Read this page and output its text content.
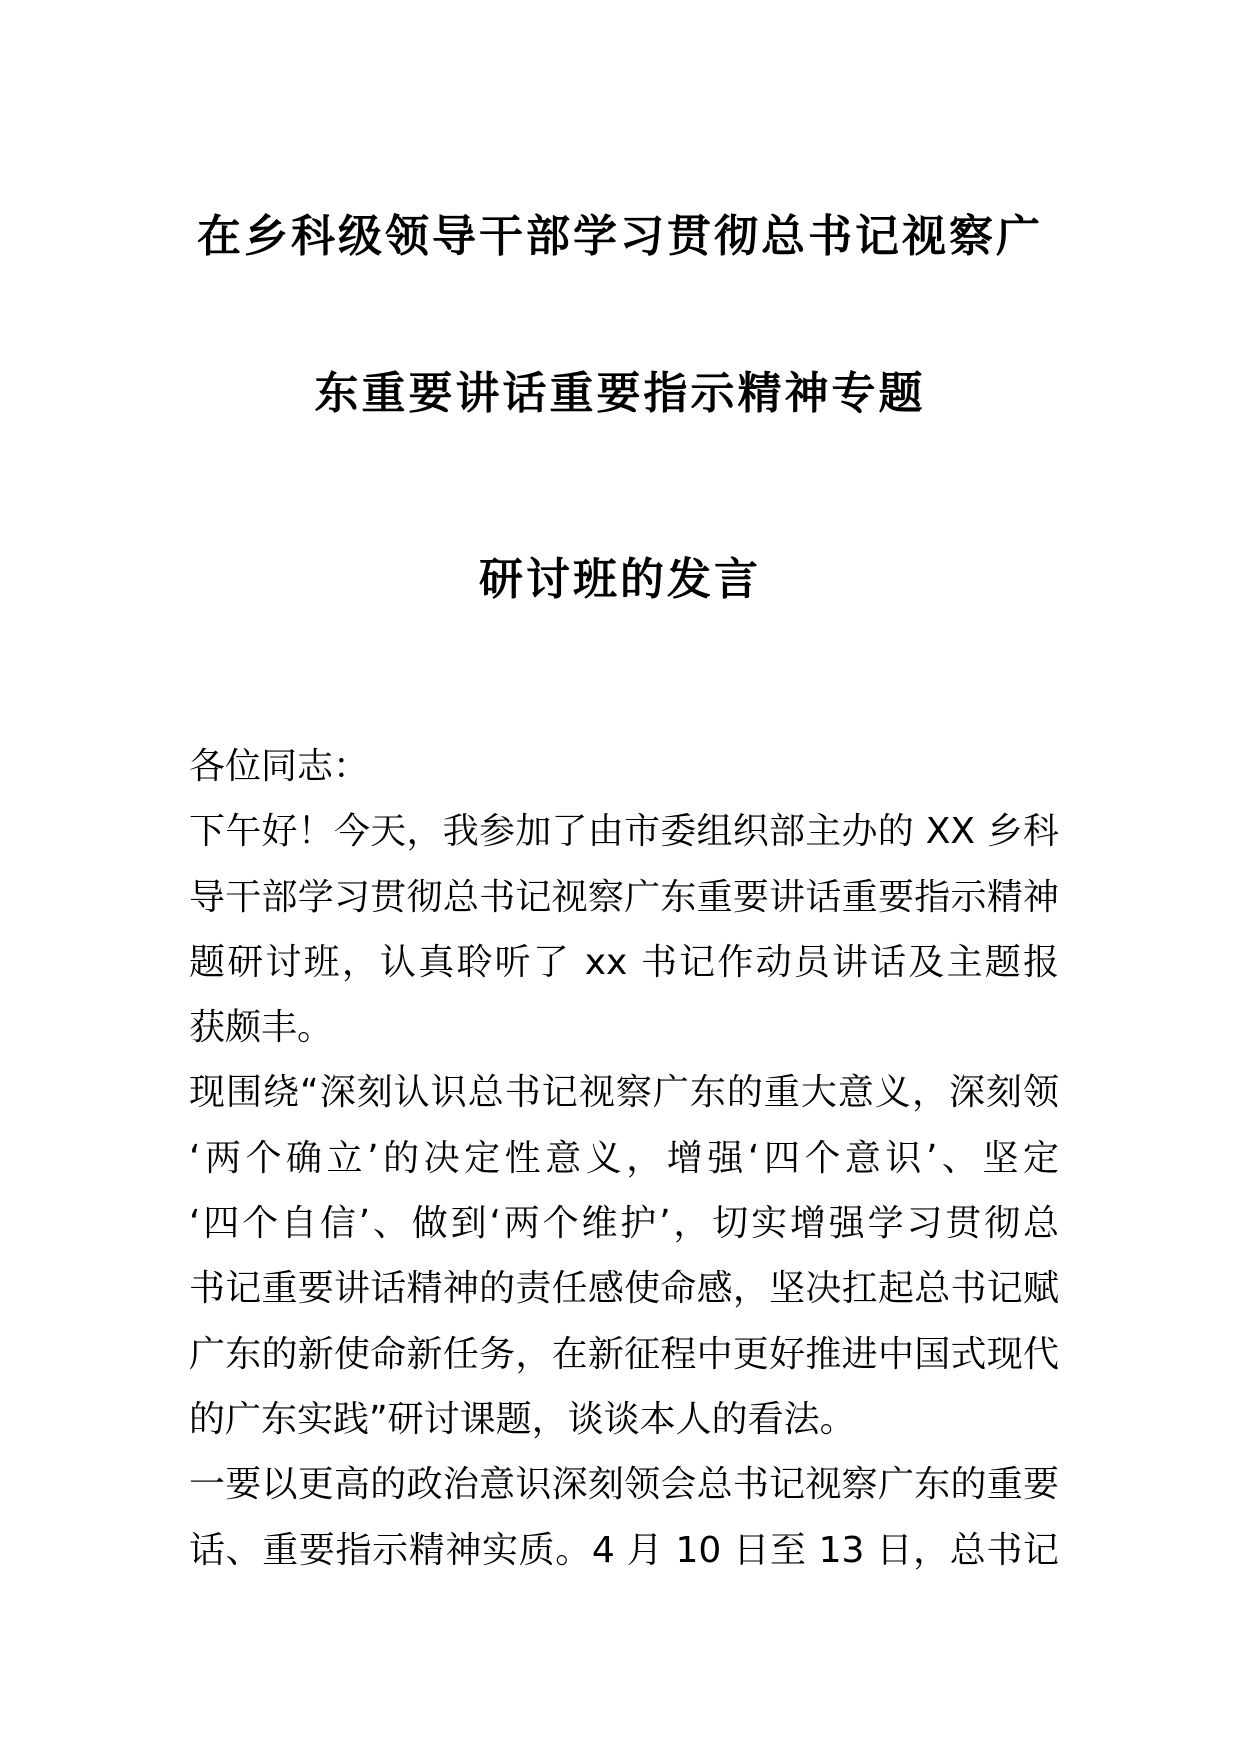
在乡科级领导干部学习贯彻总书记视察广
东重要讲话重要指示精神专题
研讨班的发言
各位同志：
下午好！今天，我参加了由市委组织部主办的 XX 乡科
导干部学习贯彻总书记视察广东重要讲话重要指示精神
题研讨班，认真聆听了 xx 书记作动员讲话及主题报
获颇丰。
现围绕“深刻认识总书记视察广东的重大意义，深刻领
‘两个确立’的决定性意义，增强‘四个意识’、坚定
‘四个自信’、做到‘两个维护’，切实增强学习贯彻总
书记重要讲话精神的责任感使命感，坚决扛起总书记赋
广东的新使命新任务，在新征程中更好推进中国式现代
的广东实践”研讨课题，谈谈本人的看法。
一要以更高的政治意识深刻领会总书记视察广东的重要
话、重要指示精神实质。4 月 10 日至 13 日，总书记
